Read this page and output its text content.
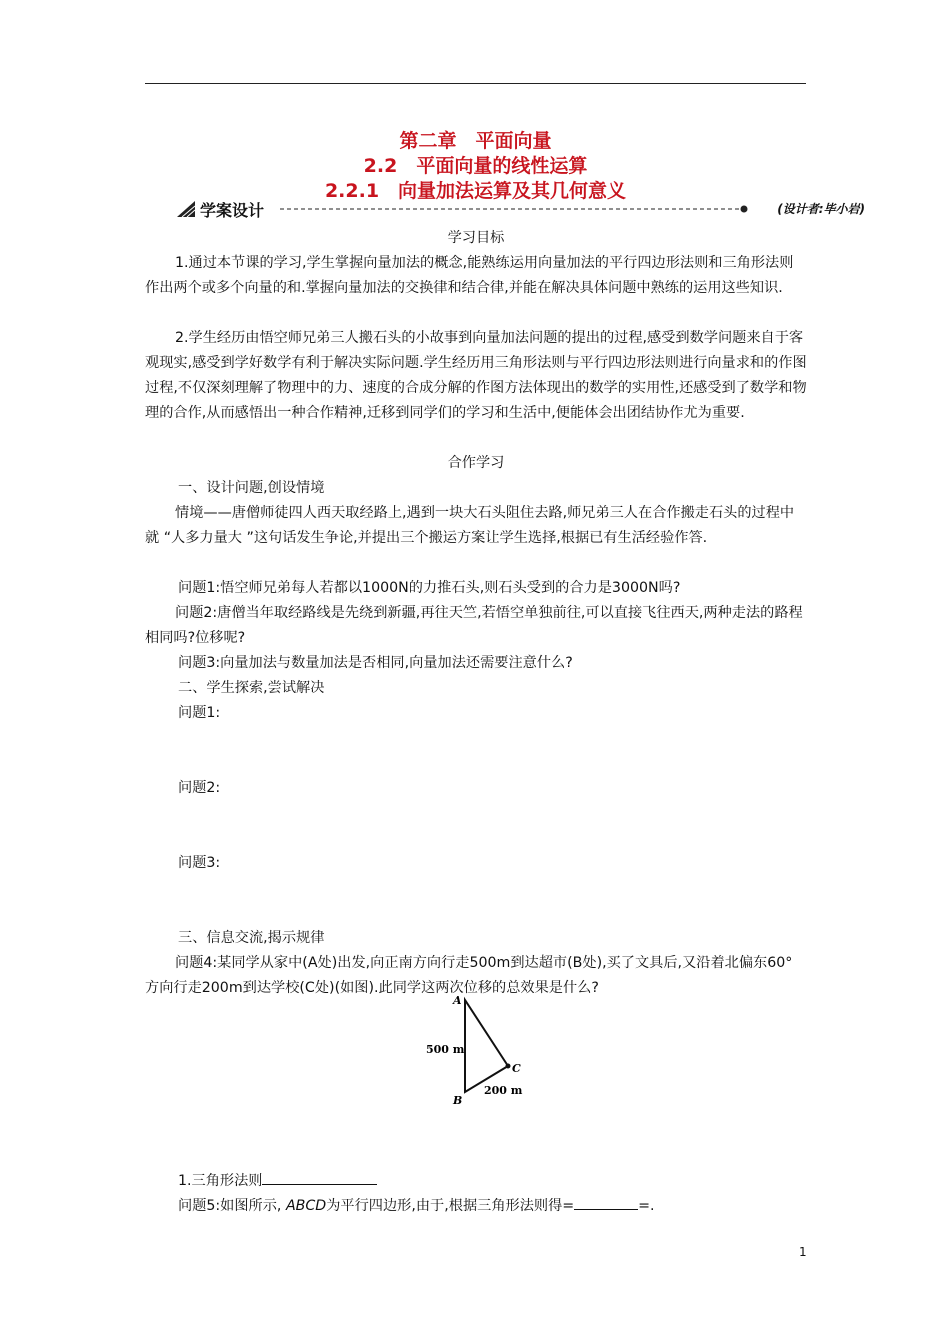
第二章　平面向量
2.2　平面向量的线性运算
2.2.1　向量加法运算及其几何意义
学案设计	(设计者:毕小岩)
学习目标
1.通过本节课的学习,学生掌握向量加法的概念,能熟练运用向量加法的平行四边形法则和三角形法则作出两个或多个向量的和.掌握向量加法的交换律和结合律,并能在解决具体问题中熟练的运用这些知识.
2.学生经历由悟空师兄弟三人搬石头的小故事到向量加法问题的提出的过程,感受到数学问题来自于客观现实,感受到学好数学有利于解决实际问题.学生经历用三角形法则与平行四边形法则进行向量求和的作图过程,不仅深刻理解了物理中的力、速度的合成分解的作图方法体现出的数学的实用性,还感受到了数学和物理的合作,从而感悟出一种合作精神,迁移到同学们的学习和生活中,便能体会出团结协作尤为重要.
合作学习
一、设计问题,创设情境
情境——唐僧师徒四人西天取经路上,遇到一块大石头阻住去路,师兄弟三人在合作搬走石头的过程中就 “人多力量大 ”这句话发生争论,并提出三个搬运方案让学生选择,根据已有生活经验作答.
问题1:悟空师兄弟每人若都以1000N的力推石头,则石头受到的合力是3000N吗?
问题2:唐僧当年取经路线是先绕到新疆,再往天竺,若悟空单独前往,可以直接飞往西天,两种走法的路程相同吗?位移呢?
问题3:向量加法与数量加法是否相同,向量加法还需要注意什么?
二、学生探索,尝试解决
问题1:
问题2:
问题3:
三、信息交流,揭示规律
问题4:某同学从家中(A处)出发,向正南方向行走500m到达超市(B处),买了文具后,又沿着北偏东60° 方向行走200m到达学校(C处)(如图).此同学这两次位移的总效果是什么?
A
B
C
500 m
200 m
1.三角形法则
问题5:如图所示, ABCD为平行四边形,由于,根据三角形法则得=	=.
1
